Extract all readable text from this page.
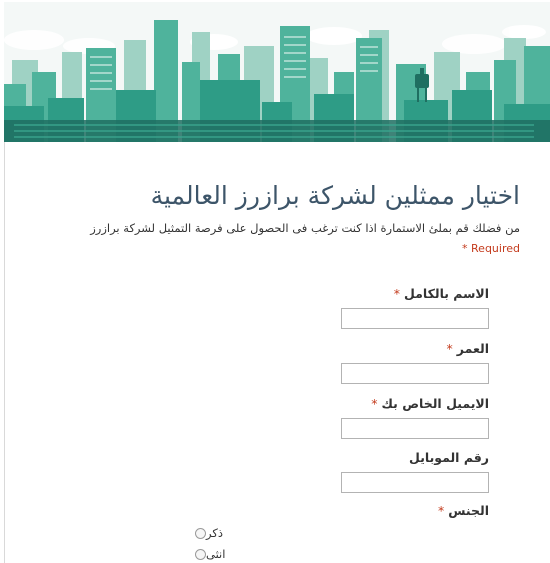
اختيار ممثلين لشركة برازرز العالمية
من فضلك قم بملئ الاستمارة اذا كنت ترغب فى الحصول على فرصة التمثيل لشركة برازرز
* Required
الاسم بالكامل*
العمر*
الايميل الخاص بك*
رقم الموبايل
الجنس*
ذكر
انثى
